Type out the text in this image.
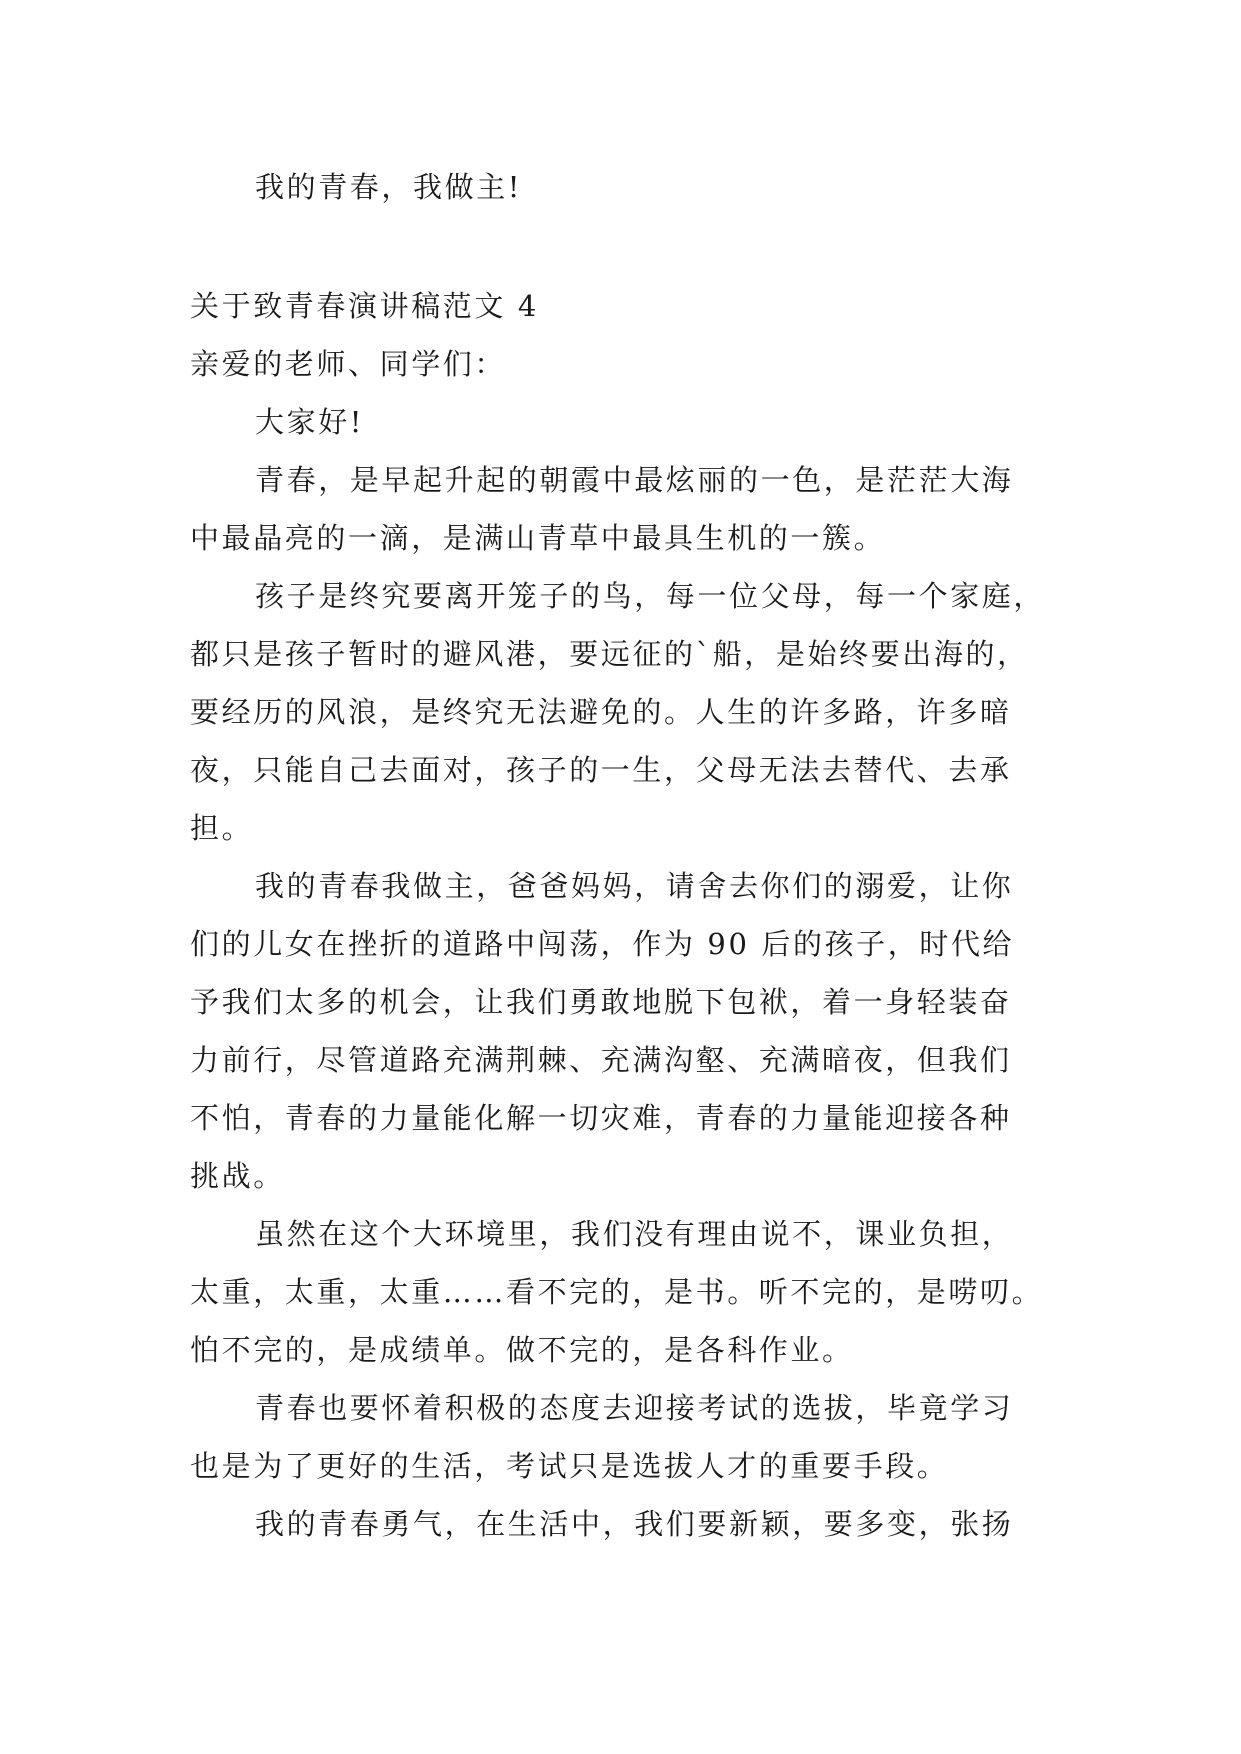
我的青春，我做主!
关于致青春演讲稿范文 4
亲爱的老师、同学们：
大家好!
青春，是早起升起的朝霞中最炫丽的一色，是茫茫大海
中最晶亮的一滴，是满山青草中最具生机的一簇。
孩子是终究要离开笼子的鸟，每一位父母，每一个家庭，
都只是孩子暂时的避风港，要远征的`船，是始终要出海的，
要经历的风浪，是终究无法避免的。人生的许多路，许多暗
夜，只能自己去面对，孩子的一生，父母无法去替代、去承
担。
我的青春我做主，爸爸妈妈，请舍去你们的溺爱，让你
们的儿女在挫折的道路中闯荡，作为 90 后的孩子，时代给
予我们太多的机会，让我们勇敢地脱下包袱，着一身轻装奋
力前行，尽管道路充满荆棘、充满沟壑、充满暗夜，但我们
不怕，青春的力量能化解一切灾难，青春的力量能迎接各种
挑战。
虽然在这个大环境里，我们没有理由说不，课业负担，
太重，太重，太重……看不完的，是书。听不完的，是唠叨。
怕不完的，是成绩单。做不完的，是各科作业。
青春也要怀着积极的态度去迎接考试的选拔，毕竟学习
也是为了更好的生活，考试只是选拔人才的重要手段。
我的青春勇气，在生活中，我们要新颖，要多变，张扬
